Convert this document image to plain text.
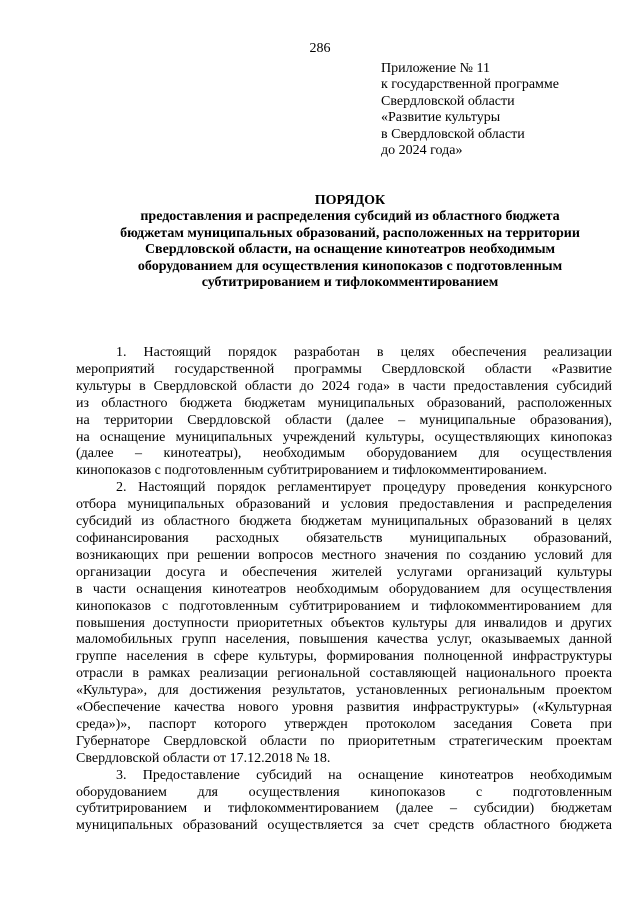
286
Приложение № 11
к государственной программе
Свердловской области
«Развитие культуры
в Свердловской области
до 2024 года»
ПОРЯДОК
предоставления и распределения субсидий из областного бюджета
бюджетам муниципальных образований, расположенных на территории
Свердловской области, на оснащение кинотеатров необходимым
оборудованием для осуществления кинопоказов с подготовленным
субтитрированием и тифлокомментированием

1. Настоящий порядок разработан в целях обеспечения реализации
мероприятий государственной программы Свердловской области «Развитие
культуры в Свердловской области до 2024 года» в части предоставления субсидий
из областного бюджета бюджетам муниципальных образований, расположенных
на территории Свердловской области (далее – муниципальные образования),
на оснащение муниципальных учреждений культуры, осуществляющих кинопоказ
(далее – кинотеатры), необходимым оборудованием для осуществления
кинопоказов с подготовленным субтитрированием и тифлокомментированием.

2. Настоящий порядок регламентирует процедуру проведения конкурсного
отбора муниципальных образований и условия предоставления и распределения
субсидий из областного бюджета бюджетам муниципальных образований в целях
софинансирования расходных обязательств муниципальных образований,
возникающих при решении вопросов местного значения по созданию условий для
организации досуга и обеспечения жителей услугами организаций культуры
в части оснащения кинотеатров необходимым оборудованием для осуществления
кинопоказов с подготовленным субтитрированием и тифлокомментированием для
повышения доступности приоритетных объектов культуры для инвалидов и других
маломобильных групп населения, повышения качества услуг, оказываемых данной
группе населения в сфере культуры, формирования полноценной инфраструктуры
отрасли в рамках реализации региональной составляющей национального проекта
«Культура», для достижения результатов, установленных региональным проектом
«Обеспечение качества нового уровня развития инфраструктуры» («Культурная
среда»)», паспорт которого утвержден протоколом заседания Совета при
Губернаторе Свердловской области по приоритетным стратегическим проектам
Свердловской области от 17.12.2018 № 18.

3. Предоставление субсидий на оснащение кинотеатров необходимым
оборудованием для осуществления кинопоказов с подготовленным
субтитрированием и тифлокомментированием (далее – субсидии) бюджетам
муниципальных образований осуществляется за счет средств областного бюджета
